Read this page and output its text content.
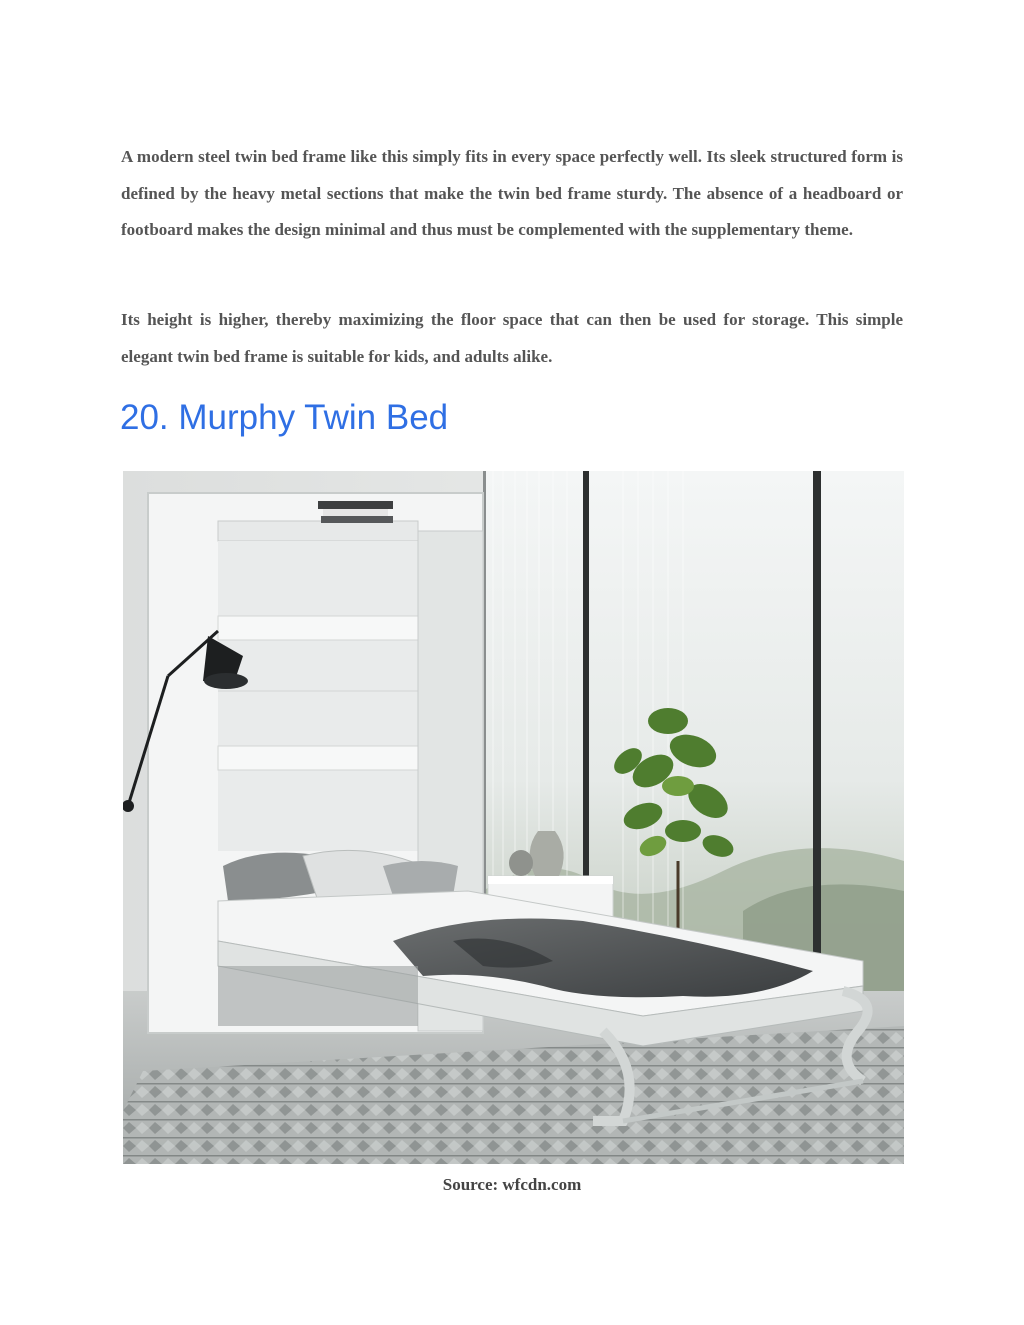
A modern steel twin bed frame like this simply fits in every space perfectly well. Its sleek structured form is defined by the heavy metal sections that make the twin bed frame sturdy. The absence of a headboard or footboard makes the design minimal and thus must be complemented with the supplementary theme.

Its height is higher, thereby maximizing the floor space that can then be used for storage. This simple elegant twin bed frame is suitable for kids, and adults alike.

20. Murphy Twin Bed

Source: wfcdn.com
